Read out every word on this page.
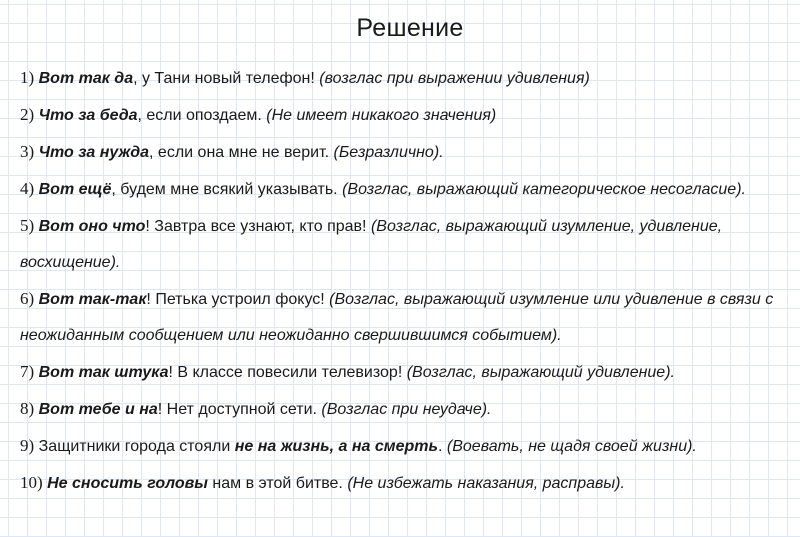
Решение

1) Вот так да, у Тани новый телефон! (возглас при выражении удивления)

2) Что за беда, если опоздаем. (Не имеет никакого значения)

3) Что за нужда, если она мне не верит. (Безразлично).

4) Вот ещё, будем мне всякий указывать. (Возглас, выражающий категорическое несогласие).

5) Вот оно что! Завтра все узнают, кто прав! (Возглас, выражающий изумление, удивление, восхищение).

6) Вот так-так! Петька устроил фокус! (Возглас, выражающий изумление или удивление в связи с неожиданным сообщением или неожиданно свершившимся событием).

7) Вот так штука! В классе повесили телевизор! (Возглас, выражающий удивление).

8) Вот тебе и на! Нет доступной сети. (Возглас при неудаче).

9) Защитники города стояли не на жизнь, а на смерть. (Воевать, не щадя своей жизни).

10) Не сносить головы нам в этой битве. (Не избежать наказания, расправы).
